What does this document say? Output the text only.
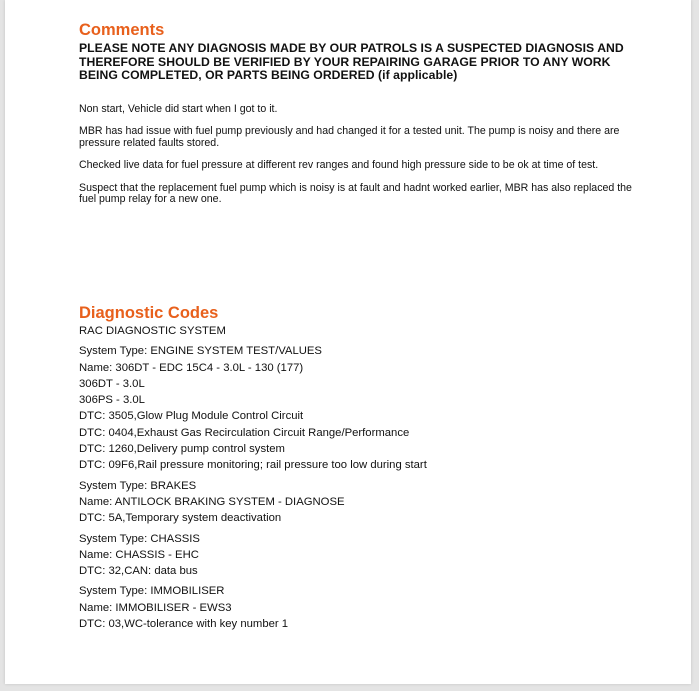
Comments

PLEASE NOTE ANY DIAGNOSIS MADE BY OUR PATROLS IS A SUSPECTED DIAGNOSIS AND THEREFORE SHOULD BE VERIFIED BY YOUR REPAIRING GARAGE PRIOR TO ANY WORK BEING COMPLETED, OR PARTS BEING ORDERED (if applicable)

Non start, Vehicle did start when I got to it.

MBR has had issue with fuel pump previously and had changed it for a tested unit. The pump is noisy and there are pressure related faults stored.

Checked live data for fuel pressure at different rev ranges and found high pressure side to be ok at time of test.

Suspect that the replacement fuel pump which is noisy is at fault and hadnt worked earlier, MBR has also replaced the fuel pump relay for a new one.

Diagnostic Codes

RAC DIAGNOSTIC SYSTEM

System Type: ENGINE SYSTEM TEST/VALUES

Name: 306DT - EDC 15C4 - 3.0L - 130 (177)

306DT - 3.0L

306PS - 3.0L

DTC: 3505,Glow Plug Module Control Circuit

DTC: 0404,Exhaust Gas Recirculation Circuit Range/Performance

DTC: 1260,Delivery pump control system

DTC: 09F6,Rail pressure monitoring; rail pressure too low during start

System Type: BRAKES

Name: ANTILOCK BRAKING SYSTEM - DIAGNOSE

DTC: 5A,Temporary system deactivation

System Type: CHASSIS

Name: CHASSIS - EHC

DTC: 32,CAN: data bus

System Type: IMMOBILISER

Name: IMMOBILISER - EWS3

DTC: 03,WC-tolerance with key number 1
